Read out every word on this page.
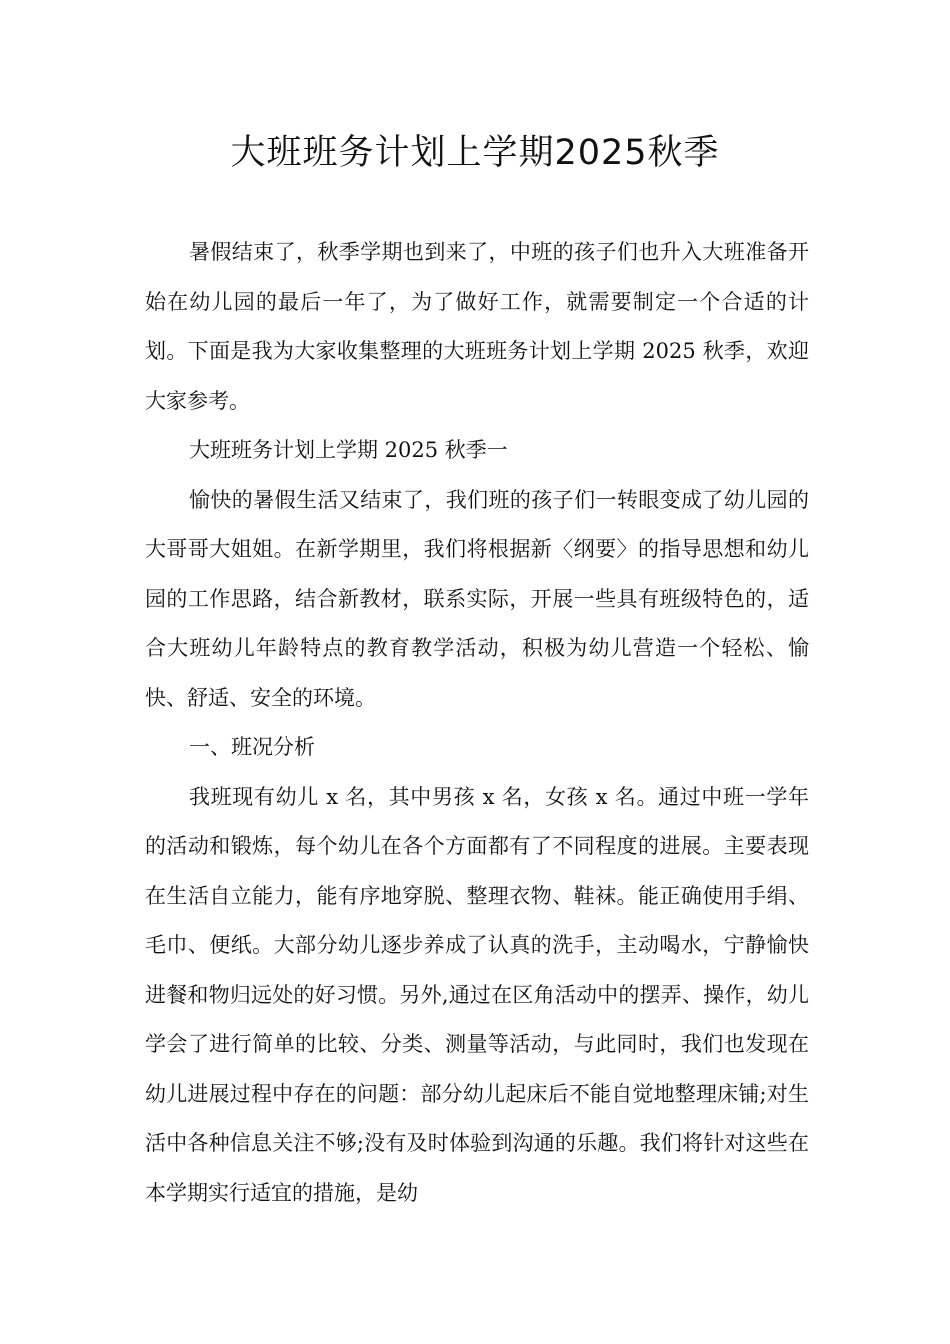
大班班务计划上学期2025秋季

暑假结束了，秋季学期也到来了，中班的孩子们也升入大班准备开始在幼儿园的最后一年了，为了做好工作，就需要制定一个合适的计划。下面是我为大家收集整理的大班班务计划上学期 2025 秋季，欢迎大家参考。

大班班务计划上学期 2025 秋季一

愉快的暑假生活又结束了，我们班的孩子们一转眼变成了幼儿园的大哥哥大姐姐。在新学期里，我们将根据新〈纲要〉的指导思想和幼儿园的工作思路，结合新教材，联系实际，开展一些具有班级特色的，适合大班幼儿年龄特点的教育教学活动，积极为幼儿营造一个轻松、愉快、舒适、安全的环境。

一、班况分析

我班现有幼儿 x 名，其中男孩 x 名，女孩 x 名。通过中班一学年的活动和锻炼，每个幼儿在各个方面都有了不同程度的进展。主要表现在生活自立能力，能有序地穿脱、整理衣物、鞋袜。能正确使用手绢、毛巾、便纸。大部分幼儿逐步养成了认真的洗手，主动喝水，宁静愉快进餐和物归远处的好习惯。另外,通过在区角活动中的摆弄、操作，幼儿学会了进行简单的比较、分类、测量等活动，与此同时，我们也发现在幼儿进展过程中存在的问题：部分幼儿起床后不能自觉地整理床铺;对生活中各种信息关注不够;没有及时体验到沟通的乐趣。我们将针对这些在本学期实行适宜的措施，是幼
